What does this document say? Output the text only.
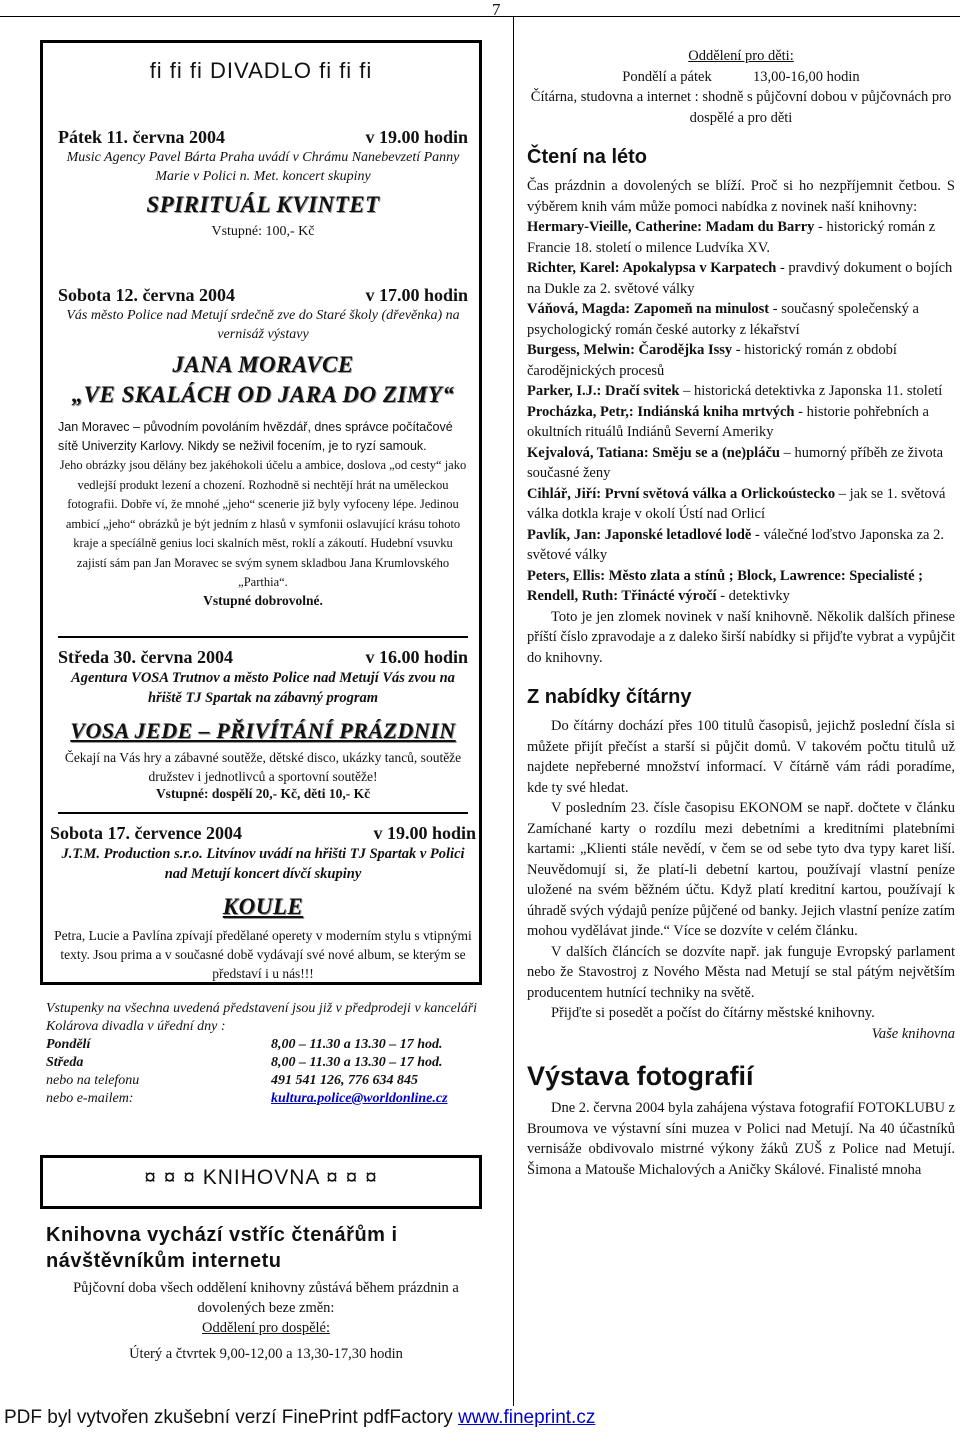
7
fi fi fi DIVADLO fi fi fi
Pátek 11. června 2004	v 19.00 hodin
Music Agency Pavel Bárta Praha uvádí v Chrámu Nanebevzetí Panny Marie v Polici n. Met. koncert skupiny
SPIRITUÁL KVINTET
Vstupné: 100,- Kč
Sobota 12. června 2004	v 17.00 hodin
Vás město Police nad Metují srdečně zve do Staré školy (dřevěnka) na vernisáž výstavy
JANA MORAVCE
„VE SKALÁCH OD JARA DO ZIMY“
Jan Moravec – původním povoláním hvězdář, dnes správce počítačové sítě Univerzity Karlovy. Nikdy se neživil focením, je to ryzí samouk.
Jeho obrázky jsou dělány bez jakéhokoli účelu a ambice, doslova „od cesty“ jako vedlejší produkt lezení a chození. Rozhodně si nechtějí hrát na uměleckou fotografii. Dobře ví, že mnohé „jeho“ scenerie již byly vyfoceny lépe. Jedinou ambicí „jeho“ obrázků je být jedním z hlasů v symfonii oslavující krásu tohoto kraje a specíálně genius loci skalních měst, roklí a zákoutí. Hudební vsuvku zajistí sám pan Jan Moravec se svým synem skladbou Jana Krumlovského „Parthia“.
Vstupné dobrovolné.
Středa 30. června 2004	v 16.00 hodin
Agentura VOSA Trutnov a město Police nad Metují Vás zvou na hřiště TJ Spartak na zábavný program
VOSA JEDE – PŘIVÍTÁNÍ PRÁZDNIN
Čekají na Vás hry a zábavné soutěže, dětské disco, ukázky tanců, soutěže družstev i jednotlivců a sportovní soutěže!
Vstupné: dospělí 20,- Kč, děti 10,- Kč
Sobota 17. července 2004	v 19.00 hodin
J.T.M. Production s.r.o. Litvínov uvádí na hřišti TJ Spartak v Polici nad Metují koncert dívčí skupiny
KOULE
Petra, Lucie a Pavlína zpívají předělané operety v moderním stylu s vtipnými texty. Jsou prima a v současné době vydávají své nové album, se kterým se představí i u nás!!!
Vstupenky na všechna uvedená představení jsou již v předprodeji v kanceláři Kolárova divadla v úřední dny :
Pondělí	8,00 – 11.30 a 13.30 – 17 hod.
Středa	8,00 – 11.30 a 13.30 – 17 hod.
nebo na telefonu	491 541 126, 776 634 845
nebo e-mailem:	kultura.police@worldonline.cz
¤ ¤ ¤ KNIHOVNA ¤ ¤ ¤
Knihovna vychází vstříc čtenářům i návštěvníkům internetu
Půjčovní doba všech oddělení knihovny zůstává během prázdnin a dovolených beze změn:
Oddělení pro dospělé:
Úterý a čtvrtek 9,00-12,00 a 13,30-17,30 hodin
Oddělení pro děti:
Pondělí a pátek	13,00-16,00 hodin
Čítárna, studovna a internet : shodně s půjčovní dobou v půjčovnách pro dospělé a pro děti
Čtení na léto
Čas prázdnin a dovolených se blíží. Proč si ho nezpříjemnit četbou. S výběrem knih vám může pomoci nabídka z novinek naší knihovny:
Hermary-Vieille, Catherine: Madam du Barry - historický román z Francie 18. století o milence Ludvíka XV.
Richter, Karel: Apokalypsa v Karpatech - pravdivý dokument o bojích na Dukle za 2. světové války
Váňová, Magda: Zapomeň na minulost - současný společenský a psychologický román české autorky z lékařství
Burgess, Melwin: Čarodějka Issy - historický román z období čarodějnických procesů
Parker, I.J.: Dračí svitek – historická detektivka z Japonska 11. století
Procházka, Petr,: Indiánská kniha mrtvých - historie pohřebních a okultních rituálů Indiánů Severní Ameriky
Kejvalová, Tatiana: Směju se a (ne)pláču – humorný příběh ze života současné ženy
Cihlář, Jiří: První světová válka a Orlickoústecko – jak se 1. světová válka dotkla kraje v okolí Ústí nad Orlicí
Pavlík, Jan: Japonské letadlové lodě - válečné loďstvo Japonska za 2. světové války
Peters, Ellis: Město zlata a stínů ; Block, Lawrence: Specialisté ; Rendell, Ruth: Třinácté výročí - detektivky
Toto je jen zlomek novinek v naší knihovně. Několik dalších přinese příští číslo zpravodaje a z daleko širší nabídky si přijďte vybrat a vypůjčit do knihovny.
Z nabídky čítárny
Do čítárny dochází přes 100 titulů časopisů, jejichž poslední čísla si můžete přijít přečíst a starší si půjčit domů. V takovém počtu titulů už najdete nepřeberné množství informací. V čítárně vám rádi poradíme, kde ty své hledat.
V posledním 23. čísle časopisu EKONOM se např. dočtete v článku Zamíchané karty o rozdílu mezi debetními a kreditními platebními kartami: „Klienti stále nevědí, v čem se od sebe tyto dva typy karet liší. Neuvědomují si, že platí-li debetní kartou, používají vlastní peníze uložené na svém běžném účtu. Když platí kreditní kartou, používají k úhradě svých výdajů peníze půjčené od banky. Jejich vlastní peníze zatím mohou vydělávat jinde.“ Více se dozvíte v celém článku.
V dalších článcích se dozvíte např. jak funguje Evropský parlament nebo že Stavostroj z Nového Města nad Metují se stal pátým největším producentem hutnící techniky na světě.
Přijďte si posedět a počíst do čítárny městské knihovny.
Vaše knihovna
Výstava fotografií
Dne 2. června 2004 byla zahájena výstava fotografií FOTOKLUBU z Broumova ve výstavní síni muzea v Polici nad Metují. Na 40 účastníků vernisáže obdivovalo mistrné výkony žáků ZUŠ z Police nad Metují. Šimona a Matouše Michalových a Aničky Skálové. Finalisté mnoha
PDF byl vytvořen zkušební verzí FinePrint pdfFactory www.fineprint.cz
